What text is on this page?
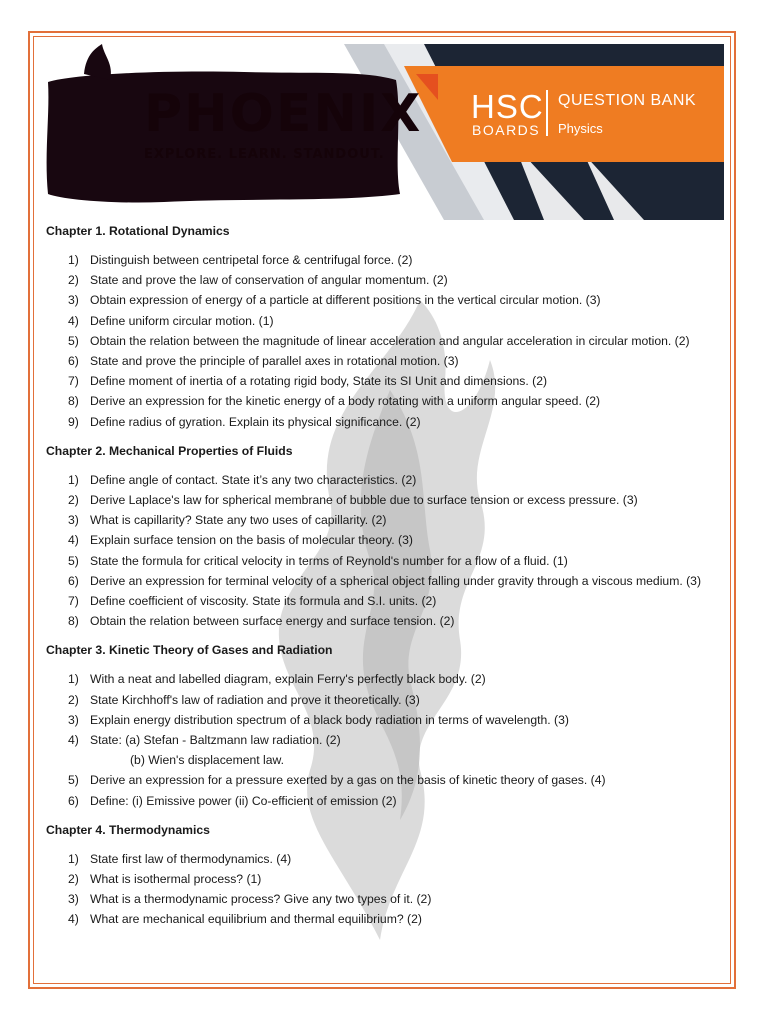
PHOENIX
EXPLORE. LEARN. STANDOUT.
HSC
BOARDS
QUESTION BANK
Physics
Chapter 1. Rotational Dynamics
1) Distinguish between centripetal force & centrifugal force. (2)
2) State and prove the law of conservation of angular momentum. (2)
3) Obtain expression of energy of a particle at different positions in the vertical circular motion. (3)
4) Define uniform circular motion. (1)
5) Obtain the relation between the magnitude of linear acceleration and angular acceleration in circular motion. (2)
6) State and prove the principle of parallel axes in rotational motion. (3)
7) Define moment of inertia of a rotating rigid body, State its SI Unit and dimensions. (2)
8) Derive an expression for the kinetic energy of a body rotating with a uniform angular speed. (2)
9) Define radius of gyration. Explain its physical significance. (2)
Chapter 2. Mechanical Properties of Fluids
1) Define angle of contact. State it’s any two characteristics. (2)
2) Derive Laplace's law for spherical membrane of bubble due to surface tension or excess pressure. (3)
3) What is capillarity? State any two uses of capillarity. (2)
4) Explain surface tension on the basis of molecular theory. (3)
5) State the formula for critical velocity in terms of Reynold's number for a flow of a fluid. (1)
6) Derive an expression for terminal velocity of a spherical object falling under gravity through a viscous medium. (3)
7) Define coefficient of viscosity. State its formula and S.I. units. (2)
8) Obtain the relation between surface energy and surface tension. (2)
Chapter 3. Kinetic Theory of Gases and Radiation
1) With a neat and labelled diagram, explain Ferry's perfectly black body. (2)
2) State Kirchhoff's law of radiation and prove it theoretically. (3)
3) Explain energy distribution spectrum of a black body radiation in terms of wavelength. (3)
4) State: (a) Stefan - Baltzmann law radiation. (2)
(b) Wien's displacement law.
5) Derive an expression for a pressure exerted by a gas on the basis of kinetic theory of gases. (4)
6) Define: (i) Emissive power (ii) Co-efficient of emission (2)
Chapter 4. Thermodynamics
1) State first law of thermodynamics. (4)
2) What is isothermal process? (1)
3) What is a thermodynamic process? Give any two types of it. (2)
4) What are mechanical equilibrium and thermal equilibrium? (2)
